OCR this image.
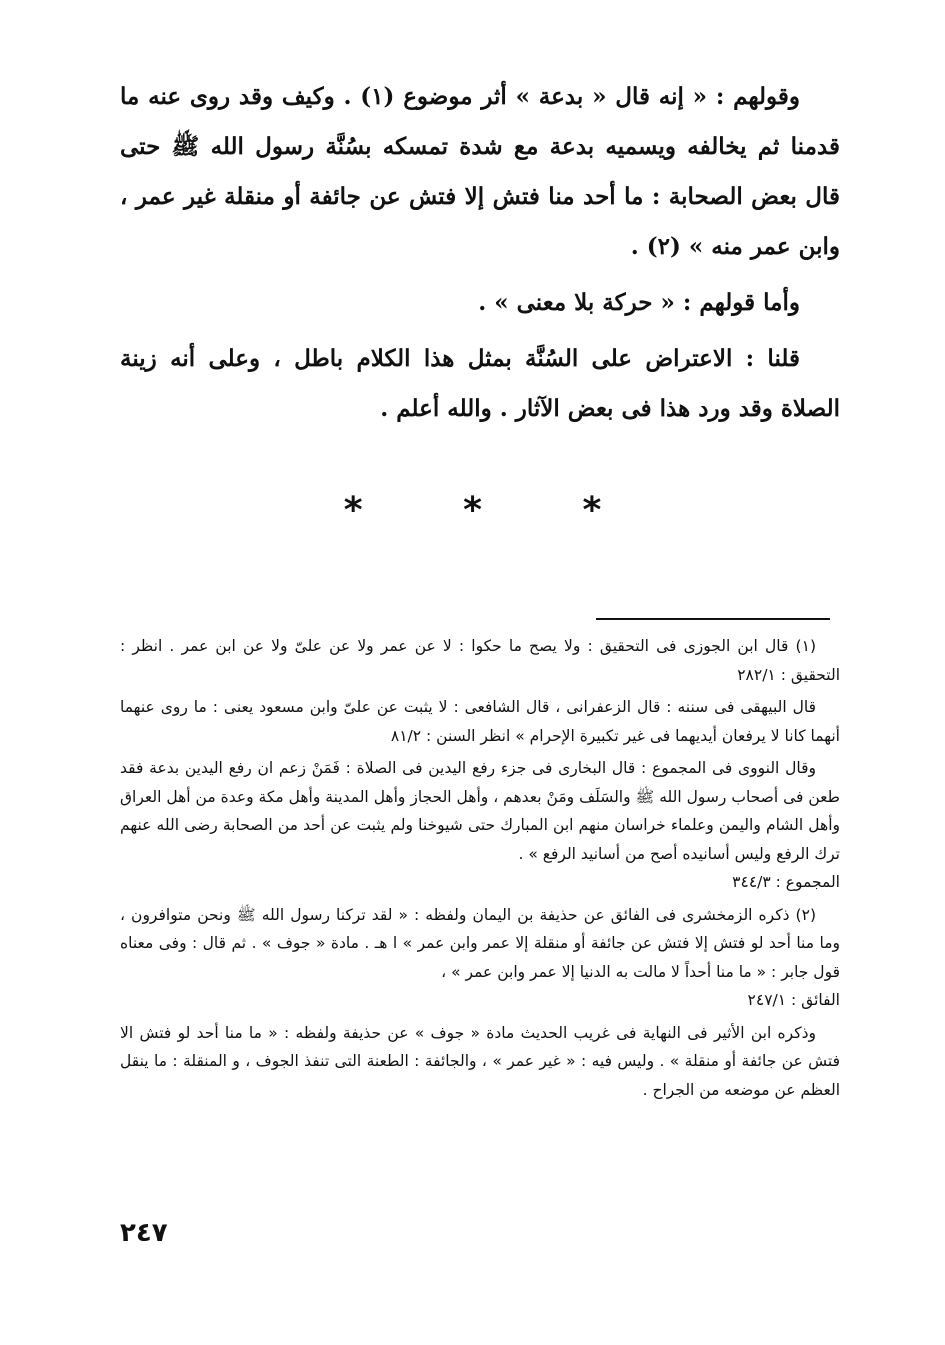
وقولهم : « إنه قال « بدعة » أثر موضوع (١) . وكيف وقد روى عنه ما قدمنا ثم يخالفه ويسميه بدعة مع شدة تمسكه بسُنَّة رسول الله ﷺ حتى قال بعض الصحابة : ما أحد منا فتش إلا فتش عن جائفة أو منقلة غير عمر ، وابن عمر منه » (٢) .

وأما قولهم : « حركة بلا معنى » .

قلنا : الاعتراض على السُنَّة بمثل هذا الكلام باطل ، وعلى أنه زينة الصلاة وقد ورد هذا فى بعض الآثار . والله أعلم .

* * *

(١) قال ابن الجوزى فى التحقيق : ولا يصح ما حكوا : لا عن عمر ولا عن علىّ ولا عن ابن عمر . انظر : التحقيق : ٢٨٢/١

قال البيهقى فى سننه : قال الزعفرانى ، قال الشافعى : لا يثبت عن علىّ وابن مسعود يعنى : ما روى عنهما أنهما كانا لا يرفعان أيديهما فى غير تكبيرة الإحرام » انظر السنن : ٨١/٢

وقال النووى فى المجموع : قال البخارى فى جزء رفع اليدين فى الصلاة : فَمَنْ زعم ان رفع اليدين بدعة فقد طعن فى أصحاب رسول الله ﷺ والسَلَف ومَنْ بعدهم ، وأهل الحجاز وأهل المدينة وأهل مكة وعدة من أهل العراق وأهل الشام واليمن وعلماء خراسان منهم ابن المبارك حتى شيوخنا ولم يثبت عن أحد من الصحابة رضى الله عنهم ترك الرفع وليس أسانيده أصح من أسانيد الرفع » .

المجموع : ٣٤٤/٣

(٢) ذكره الزمخشرى فى الفائق عن حذيفة بن اليمان ولفظه : « لقد تركنا رسول الله ﷺ ونحن متوافرون ، وما منا أحد لو فتش إلا فتش عن جائفة أو منقلة إلا عمر وابن عمر » ا هـ . مادة « جوف » . ثم قال : وفى معناه قول جابر : « ما منا أحداً لا مالت به الدنيا إلا عمر وابن عمر » ،

الفائق : ٢٤٧/١

وذكره ابن الأثير فى النهاية فى غريب الحديث مادة « جوف » عن حذيفة ولفظه : « ما منا أحد لو فتش الا فتش عن جائفة أو منقلة » . وليس فيه : « غير عمر » ، والجائفة : الطعنة التى تنفذ الجوف ، و المنقلة : ما ينقل العظم عن موضعه من الجراح .

٢٤٧
